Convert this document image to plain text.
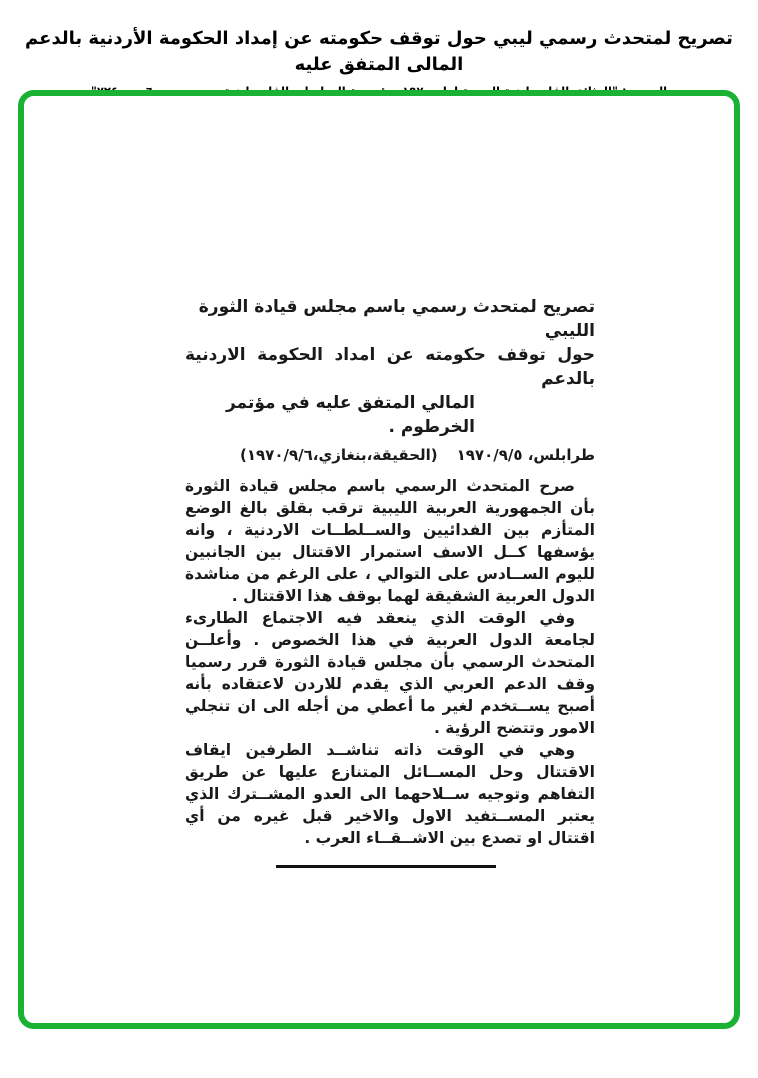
تصريح لمتحدث رسمي ليبي حول توقف حكومته عن إمداد الحكومة الأردنية بالدعم المالى المتفق عليه
تصريح لمتحدث رسمي باسم مجلس قيادة الثورة الليبي
حول توقف حكومته عن امداد الحكومة الاردنية بالدعم
المالي المتفق عليه في مؤتمر الخرطوم .
طرابلس، ١٩٧٠/٩/٥
(الحقيقة،بنغازي،١٩٧٠/٩/٦)

صرح المتحدث الرسمي باسم مجلس قيادة الثورة بأن الجمهورية العربية الليبية ترقب بقلق بالغ الوضع المتأزم بين الفدائيين والســلطــات الاردنية ، وانه يؤسفها كــل الاسف استمرار الاقتتال بين الجانبين لليوم الســادس على التوالي ، على الرغم من مناشدة الدول العربية الشقيقة لهما بوقف هذا الاقتتال .

وفي الوقت الذي ينعقد فيه الاجتماع الطارىء لجامعة الدول العربية في هذا الخصوص . وأعلــن المتحدث الرسمي بأن مجلس قيادة الثورة قرر رسميا وقف الدعم العربي الذي يقدم للاردن لاعتقاده بأنه أصبح يســتخدم لغير ما أعطي من أجله الى ان تنجلي الامور وتتضح الرؤية .

وهي في الوقت ذاته تناشــد الطرفين ايقاف الاقتتال وحل المســائل المتنازع عليها عن طريق التفاهم وتوجيه ســلاحهما الى العدو المشــترك الذي يعتبر المســتفيد الاول والاخير قبل غيره من أي اقتتال او تصدع بين الاشــقــاء العرب .
